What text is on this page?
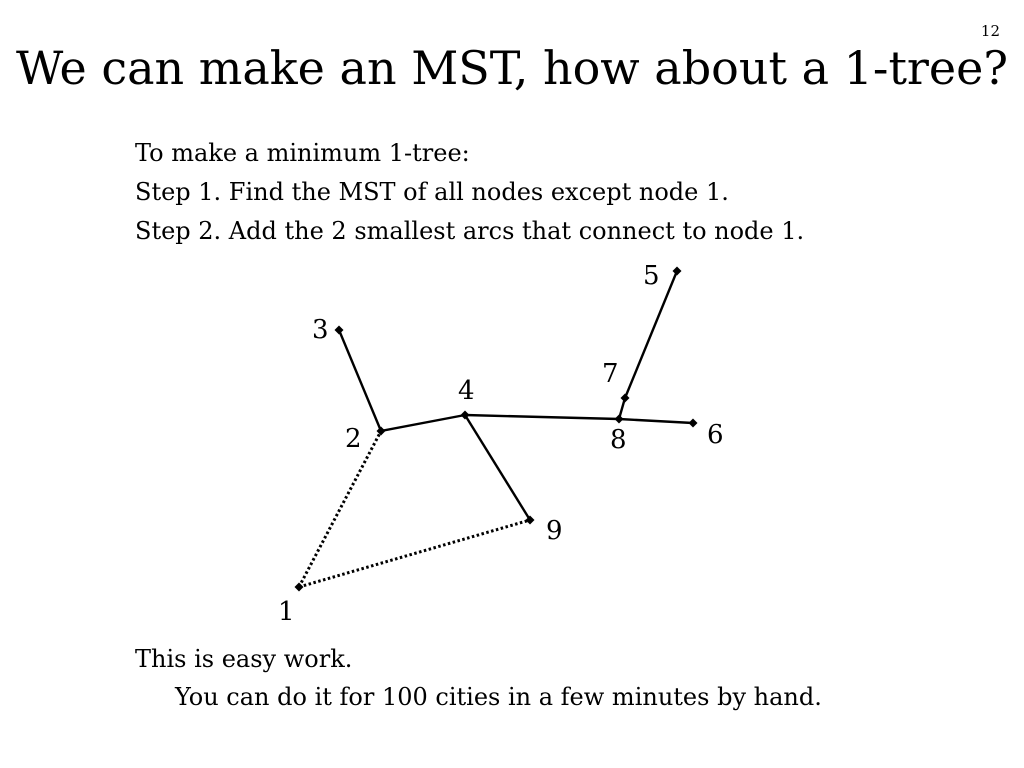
12
We can make an MST, how about a 1-tree?
To make a minimum 1-tree:
Step 1. Find the MST of all nodes except node 1.
Step 2. Add the 2 smallest arcs that connect to node 1.
1
2
3
4
5
6
7
8
9
This is easy work.
You can do it for 100 cities in a few minutes by hand.
